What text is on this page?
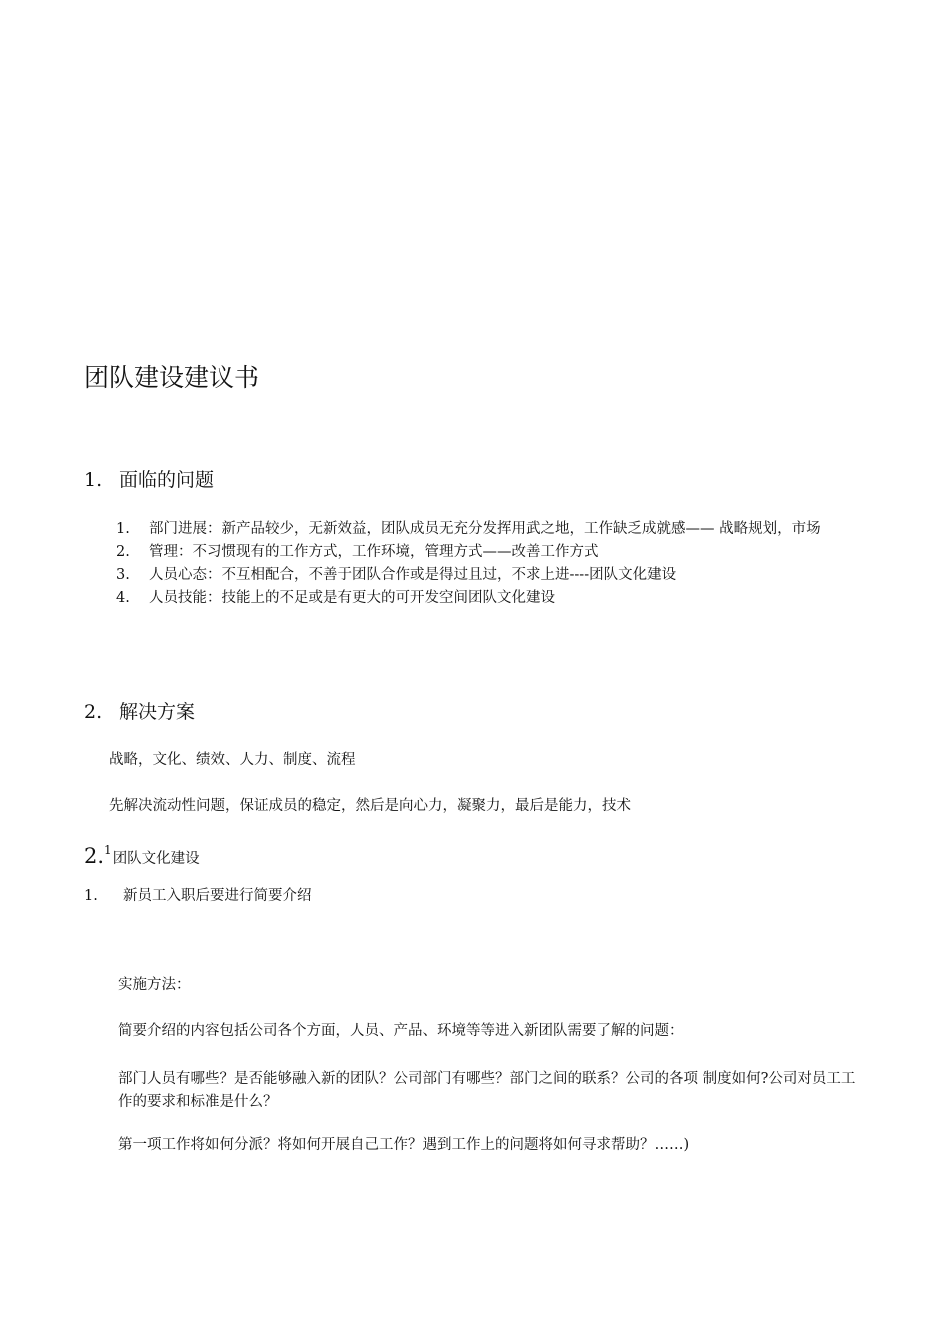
团队建设建议书
1. 面临的问题
1. 部门进展：新产品较少，无新效益，团队成员无充分发挥用武之地，工作缺乏成就感—— 战略规划，市场
2. 管理：不习惯现有的工作方式，工作环境，管理方式——改善工作方式
3. 人员心态：不互相配合，不善于团队合作或是得过且过，不求上进----团队文化建设
4. 人员技能：技能上的不足或是有更大的可开发空间团队文化建设
2. 解决方案
战略，文化、绩效、人力、制度、流程
先解决流动性问题，保证成员的稳定，然后是向心力，凝聚力，最后是能力，技术
2.$^1$团队文化建设
1. 新员工入职后要进行简要介绍
实施方法：
简要介绍的内容包括公司各个方面，人员、产品、环境等等进入新团队需要了解的问题：
部门人员有哪些？是否能够融入新的团队？公司部门有哪些？部门之间的联系？公司的各项 制度如何?公司对员工工作的要求和标准是什么？
第一项工作将如何分派？将如何开展自己工作？遇到工作上的问题将如何寻求帮助？……)
